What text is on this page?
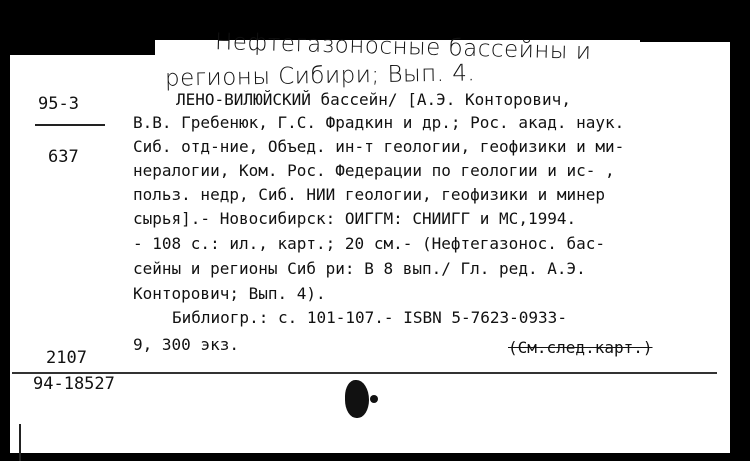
Нефтегазоносные бассейны и
регионы Сибири; Вып. 4.
95-3
637
ЛЕНО-ВИЛЮЙСКИЙ бассейн/ [А.Э. Конторович,
В.В. Гребенюк, Г.С. Фрадкин и др.; Рос. акад. наук.
Сиб. отд-ние, Объед. ин-т геологии, геофизики и ми-
нералогии, Ком. Рос. Федерации по геологии и ис- ,
польз. недр, Сиб. НИИ геологии, геофизики и минер
сырья].- Новосибирск: ОИГГМ: СНИИГГ и МС,1994.
- 108 с.: ил., карт.; 20 см.- (Нефтегазонос. бас-
сейны и регионы Сиб ри: В 8 вып./ Гл. ред. А.Э.
Конторович; Вып. 4).
Библиогр.: с. 101-107.- ISBN 5-7623-0933-
9, 300 экз.	(См.след.карт.)
2107
94-18527
